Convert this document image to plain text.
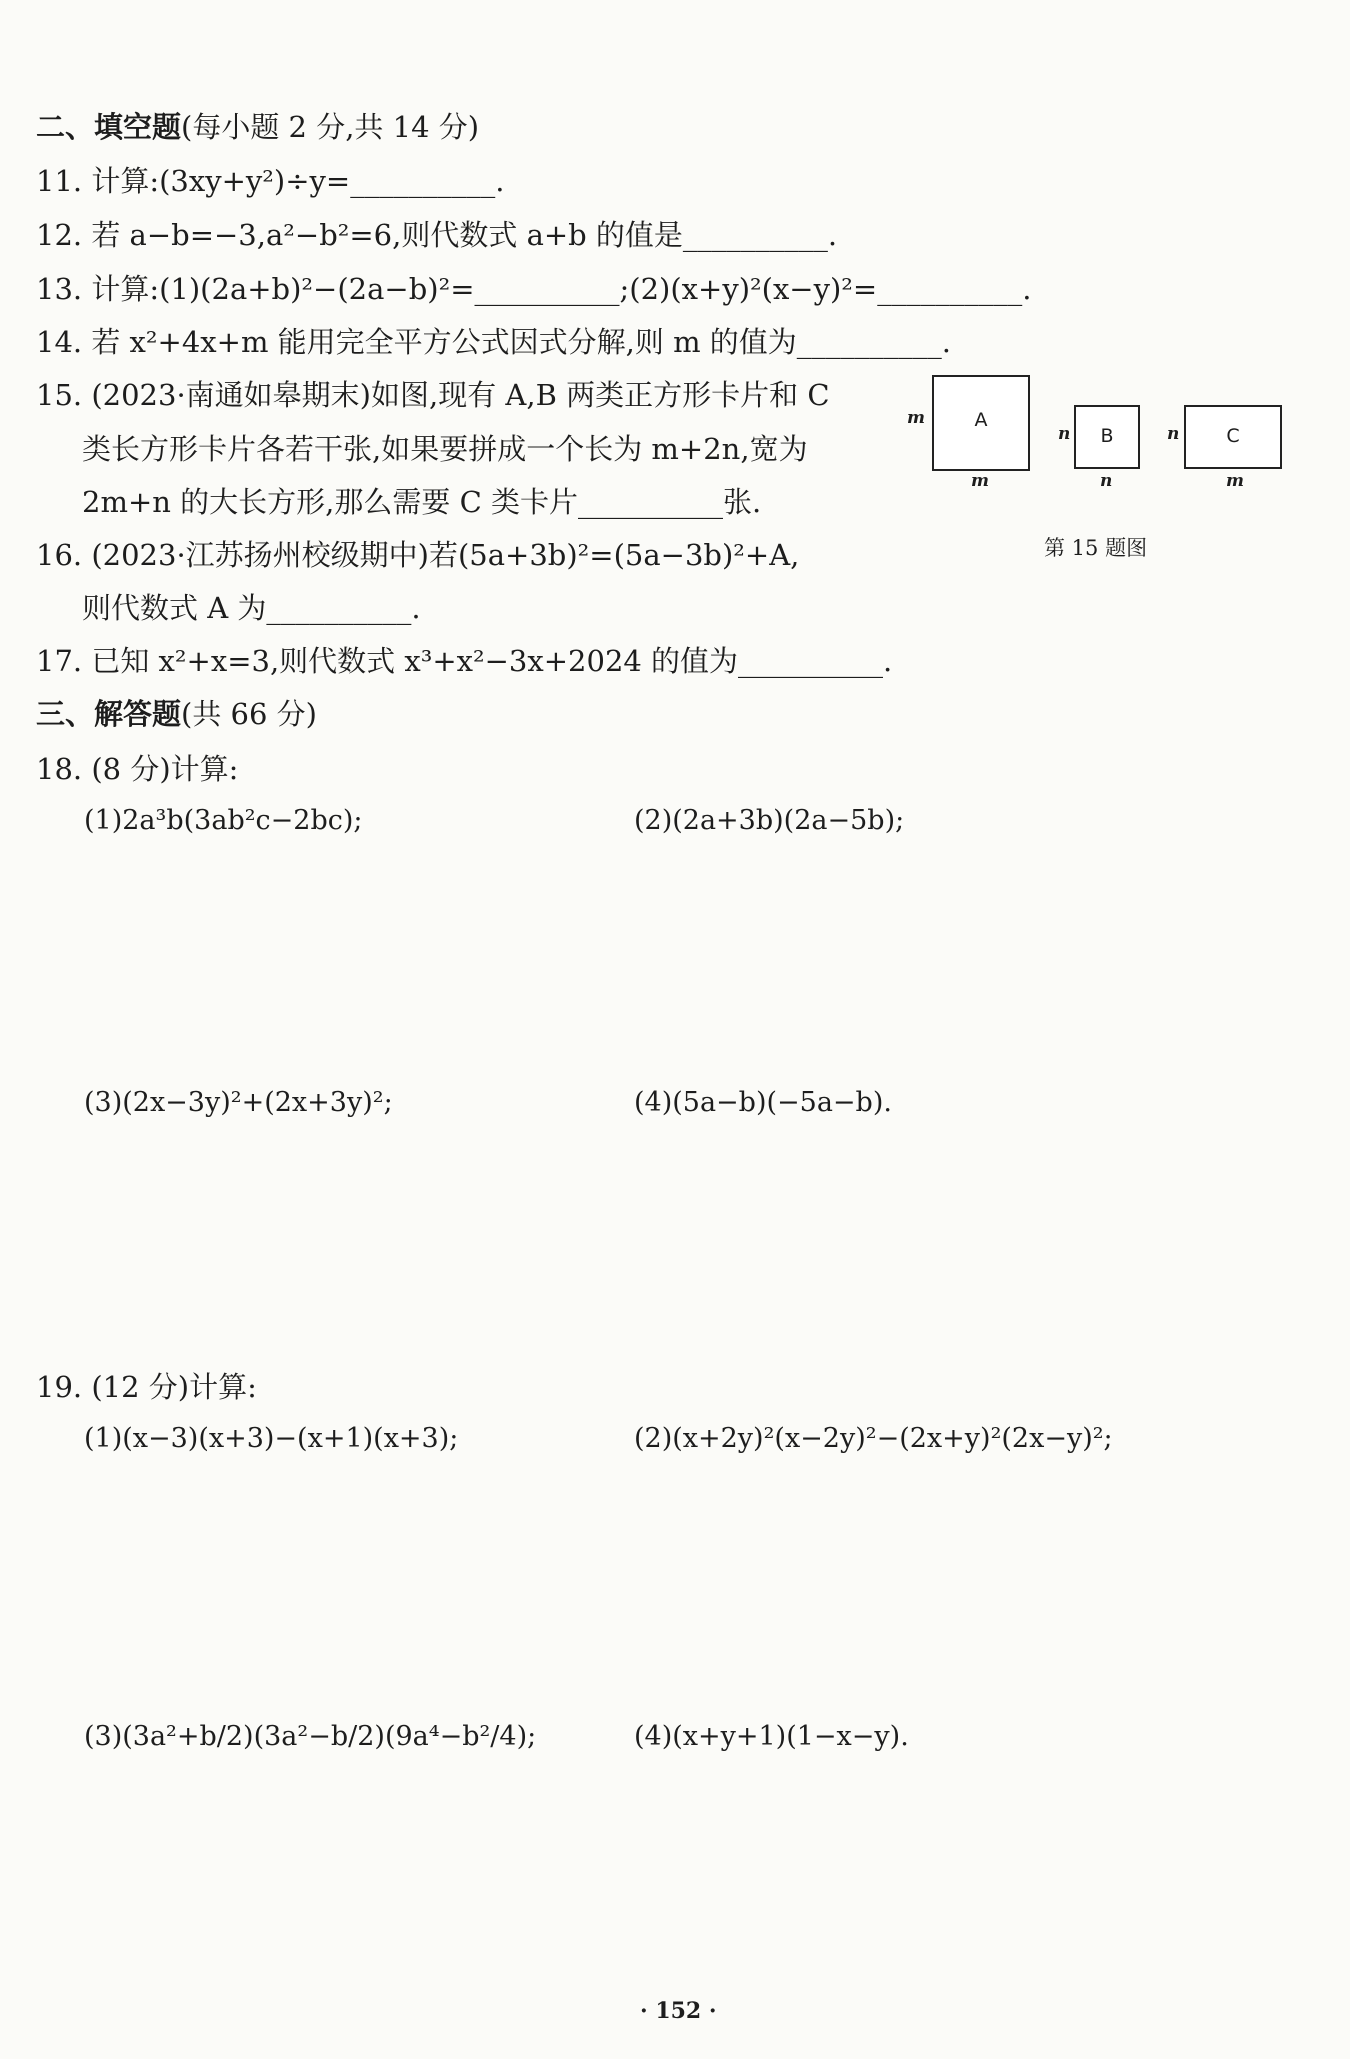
二、填空题(每小题 2 分,共 14 分)
11. 计算:(3xy+y²)÷y=__________.
12. 若 a−b=−3,a²−b²=6,则代数式 a+b 的值是__________.
13. 计算:(1)(2a+b)²−(2a−b)²=__________;(2)(x+y)²(x−y)²=__________.
14. 若 x²+4x+m 能用完全平方公式因式分解,则 m 的值为__________.
15. (2023·南通如皋期末)如图,现有 A,B 两类正方形卡片和 C
类长方形卡片各若干张,如果要拼成一个长为 m+2n,宽为
2m+n 的大长方形,那么需要 C 类卡片__________张.
A
m
m
B
n
n
C
n
m
第 15 题图
16. (2023·江苏扬州校级期中)若(5a+3b)²=(5a−3b)²+A,
则代数式 A 为__________.
17. 已知 x²+x=3,则代数式 x³+x²−3x+2024 的值为__________.
三、解答题(共 66 分)
18. (8 分)计算:
(1)2a³b(3ab²c−2bc);	(2)(2a+3b)(2a−5b);
(3)(2x−3y)²+(2x+3y)²;	(4)(5a−b)(−5a−b).
19. (12 分)计算:
(1)(x−3)(x+3)−(x+1)(x+3);	(2)(x+2y)²(x−2y)²−(2x+y)²(2x−y)²;
(3)(3a²+b/2)(3a²−b/2)(9a⁴−b²/4);	(4)(x+y+1)(1−x−y).
· 152 ·
